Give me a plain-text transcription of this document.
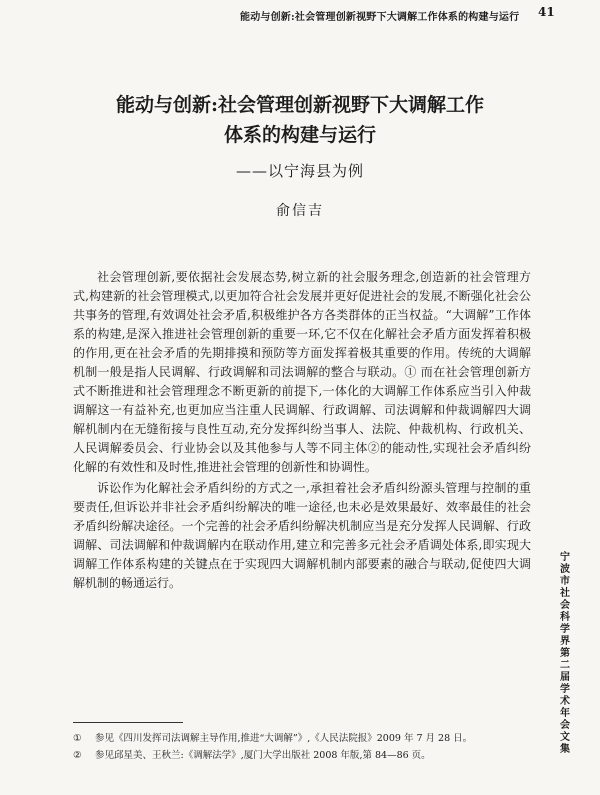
能动与创新:社会管理创新视野下大调解工作体系的构建与运行	41
能动与创新:社会管理创新视野下大调解工作
体系的构建与运行
——以宁海县为例
俞信吉

社会管理创新,要依据社会发展态势,树立新的社会服务理念,创造新的社会管理方式,构建新的社会管理模式,以更加符合社会发展并更好促进社会的发展,不断强化社会公共事务的管理,有效调处社会矛盾,积极维护各方各类群体的正当权益。“大调解”工作体系的构建,是深入推进社会管理创新的重要一环,它不仅在化解社会矛盾方面发挥着积极的作用,更在社会矛盾的先期排摸和预防等方面发挥着极其重要的作用。传统的大调解机制一般是指人民调解、行政调解和司法调解的整合与联动。① 而在社会管理创新方式不断推进和社会管理理念不断更新的前提下,一体化的大调解工作体系应当引入仲裁调解这一有益补充,也更加应当注重人民调解、行政调解、司法调解和仲裁调解四大调解机制内在无缝衔接与良性互动,充分发挥纠纷当事人、法院、仲裁机构、行政机关、人民调解委员会、行业协会以及其他参与人等不同主体②的能动性,实现社会矛盾纠纷化解的有效性和及时性,推进社会管理的创新性和协调性。

诉讼作为化解社会矛盾纠纷的方式之一,承担着社会矛盾纠纷源头管理与控制的重要责任,但诉讼并非社会矛盾纠纷解决的唯一途径,也未必是效果最好、效率最佳的社会矛盾纠纷解决途径。一个完善的社会矛盾纠纷解决机制应当是充分发挥人民调解、行政调解、司法调解和仲裁调解内在联动作用,建立和完善多元社会矛盾调处体系,即实现大调解工作体系构建的关键点在于实现四大调解机制内部要素的融合与联动,促使四大调解机制的畅通运行。

①	参见《四川发挥司法调解主导作用,推进“大调解”》,《人民法院报》2009 年 7 月 28 日。
②	参见邱星美、王秋兰:《调解法学》,厦门大学出版社 2008 年版,第 84—86 页。
宁波市社会科学界第二届学术年会文集
